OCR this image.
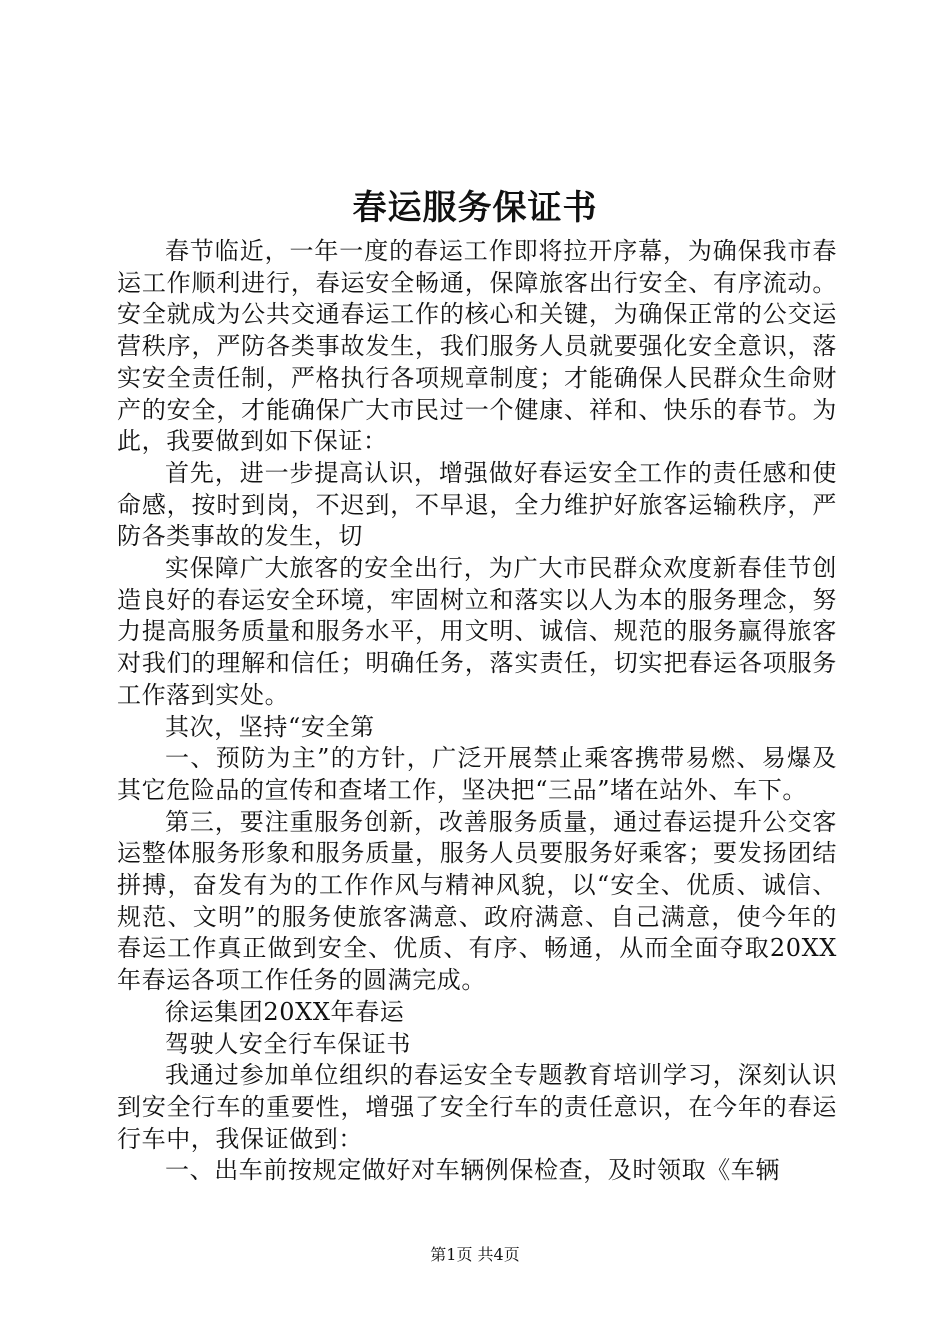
春运服务保证书

春节临近，一年一度的春运工作即将拉开序幕，为确保我市春运工作顺利进行，春运安全畅通，保障旅客出行安全、有序流动。安全就成为公共交通春运工作的核心和关键，为确保正常的公交运营秩序，严防各类事故发生，我们服务人员就要强化安全意识，落实安全责任制，严格执行各项规章制度；才能确保人民群众生命财产的安全，才能确保广大市民过一个健康、祥和、快乐的春节。为此，我要做到如下保证：

首先，进一步提高认识，增强做好春运安全工作的责任感和使命感，按时到岗，不迟到，不早退，全力维护好旅客运输秩序，严防各类事故的发生，切

实保障广大旅客的安全出行，为广大市民群众欢度新春佳节创造良好的春运安全环境，牢固树立和落实以人为本的服务理念，努力提高服务质量和服务水平，用文明、诚信、规范的服务赢得旅客对我们的理解和信任；明确任务，落实责任，切实把春运各项服务工作落到实处。

其次，坚持“安全第

一、预防为主”的方针，广泛开展禁止乘客携带易燃、易爆及其它危险品的宣传和查堵工作，坚决把“三品”堵在站外、车下。

第三，要注重服务创新，改善服务质量，通过春运提升公交客运整体服务形象和服务质量，服务人员要服务好乘客；要发扬团结拼搏，奋发有为的工作作风与精神风貌，以“安全、优质、诚信、规范、文明”的服务使旅客满意、政府满意、自己满意，使今年的春运工作真正做到安全、优质、有序、畅通，从而全面夺取20XX年春运各项工作任务的圆满完成。

徐运集团20XX年春运

驾驶人安全行车保证书

我通过参加单位组织的春运安全专题教育培训学习，深刻认识到安全行车的重要性，增强了安全行车的责任意识，在今年的春运行车中，我保证做到：

一、出车前按规定做好对车辆例保检查，及时领取《车辆

第1页 共4页
